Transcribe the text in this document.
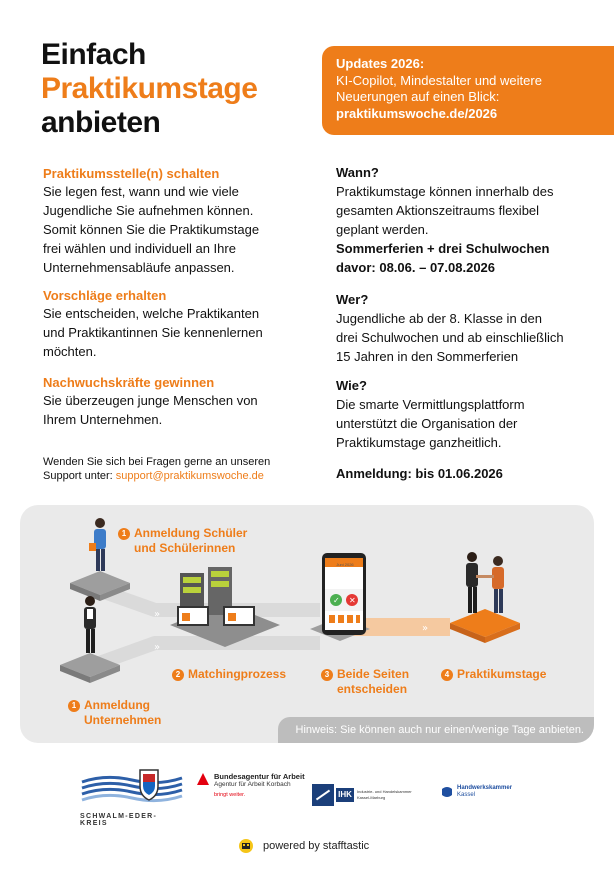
Einfach
Praktikumstage
anbieten
Updates 2026:
KI-Copilot, Mindestalter und weitere
Neuerungen auf einen Blick:
praktikumswoche.de/2026
Praktikumsstelle(n) schalten
Sie legen fest, wann und wie viele
Jugendliche Sie aufnehmen können.
Somit können Sie die Praktikumstage
frei wählen und individuell an Ihre
Unternehmensabläufe anpassen.
Vorschläge erhalten
Sie entscheiden, welche Praktikanten
und Praktikantinnen Sie kennenlernen
möchten.
Nachwuchskräfte gewinnen
Sie überzeugen junge Menschen von
Ihrem Unternehmen.
Wenden Sie sich bei Fragen gerne an unseren
Support unter: support@praktikumswoche.de
Wann?
Praktikumstage können innerhalb des
gesamten Aktionszeitraums flexibel
geplant werden.
Sommerferien + drei Schulwochen
davor: 08.06. – 07.08.2026
Wer?
Jugendliche ab der 8. Klasse in den
drei Schulwochen und ab einschließlich
15 Jahren in den Sommerferien
Wie?
Die smarte Vermittlungsplattform
unterstützt die Organisation der
Praktikumstage ganzheitlich.
Anmeldung: bis 01.06.2026
»
»
»
✓ ✕
1 Anmeldung Schüler
und Schülerinnen
1 Anmeldung
Unternehmen
2 Matchingprozess	3 Beide Seiten
entscheiden
4 Praktikumstage
Juni 2026
Hinweis: Sie können auch nur einen/wenige Tage anbieten.
SCHWALM-EDER-KREIS
Bundesagentur für Arbeit
Agentur für Arbeit Korbach
bringt weiter.	IHK	Industrie- und Handelskammer
Kassel-Marburg
Handwerkskammer
Kassel
powered by stafftastic
